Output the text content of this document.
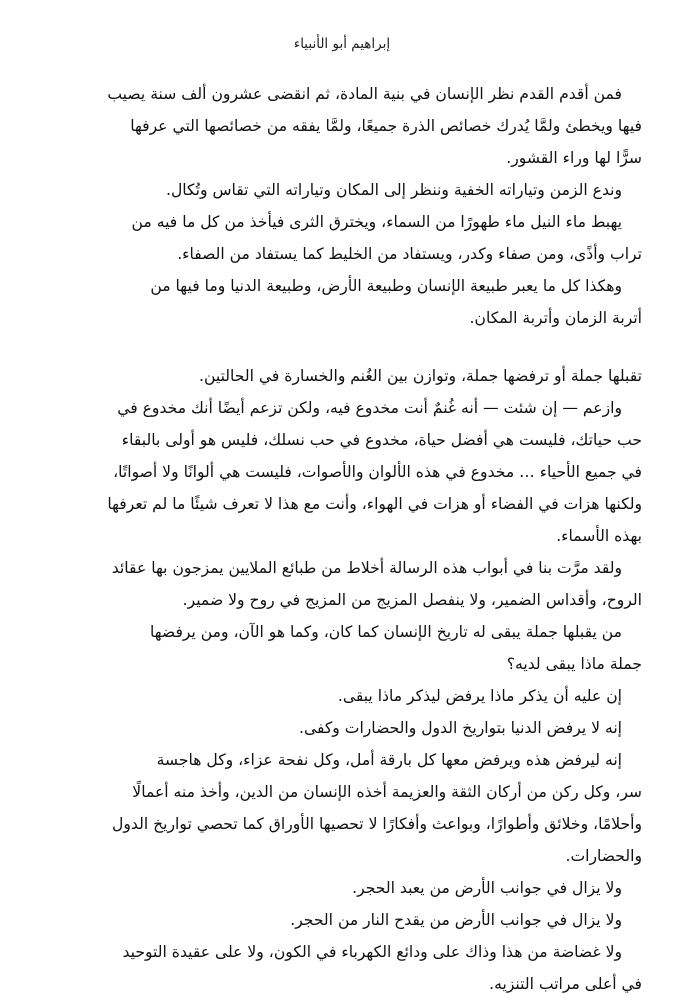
إبراهيم أبو الأنبياء
فمن أقدم القدم نظر الإنسان في بنية المادة، ثم انقضى عشرون ألف سنة يصيب
فيها ويخطئ ولمَّا يُدرك خصائص الذرة جميعًا، ولمَّا يفقه من خصائصها التي عرفها
سرًّا لها وراء القشور.
وندع الزمن وتياراته الخفية وننظر إلى المكان وتياراته التي تقاس وتُكال.
يهبط ماء النيل ماء طهورًا من السماء، ويخترق الثرى فيأخذ من كل ما فيه من
تراب وأذًى، ومن صفاء وكدر، ويستفاد من الخليط كما يستفاد من الصفاء.
وهكذا كل ما يعبر طبيعة الإنسان وطبيعة الأرض، وطبيعة الدنيا وما فيها من
أتربة الزمان وأتربة المكان.
تقبلها جملة أو ترفضها جملة، وتوازن بين الغُنم والخسارة في الحالتين.
وازعم — إن شئت — أنه غُنمٌ أنت مخدوع فيه، ولكن تزعم أيضًا أنك مخدوع في
حب حياتك، فليست هي أفضل حياة، مخدوع في حب نسلك، فليس هو أولى بالبقاء
في جميع الأحياء … مخدوع في هذه الألوان والأصوات، فليست هي ألوانًا ولا أصواتًا،
ولكنها هزات في الفضاء أو هزات في الهواء، وأنت مع هذا لا تعرف شيئًا ما لم تعرفها
بهذه الأسماء.
ولقد مرَّت بنا في أبواب هذه الرسالة أخلاط من طبائع الملايين يمزجون بها عقائد
الروح، وأقداس الضمير، ولا ينفصل المزيج من المزيج في روح ولا ضمير.
من يقبلها جملة يبقى له تاريخ الإنسان كما كان، وكما هو الآن، ومن يرفضها
جملة ماذا يبقى لديه؟
إن عليه أن يذكر ماذا يرفض ليذكر ماذا يبقى.
إنه لا يرفض الدنيا بتواريخ الدول والحضارات وكفى.
إنه ليرفض هذه ويرفض معها كل بارقة أمل، وكل نفحة عزاء، وكل هاجسة
سر، وكل ركن من أركان الثقة والعزيمة أخذه الإنسان من الدين، وأخذ منه أعمالًا
وأحلامًا، وخلائق وأطوارًا، وبواعث وأفكارًا لا تحصيها الأوراق كما تحصي تواريخ الدول
والحضارات.
ولا يزال في جوانب الأرض من يعبد الحجر.
ولا يزال في جوانب الأرض من يقدح النار من الحجر.
ولا غضاضة من هذا وذاك على ودائع الكهرباء في الكون، ولا على عقيدة التوحيد
في أعلى مراتب التنزيه.
